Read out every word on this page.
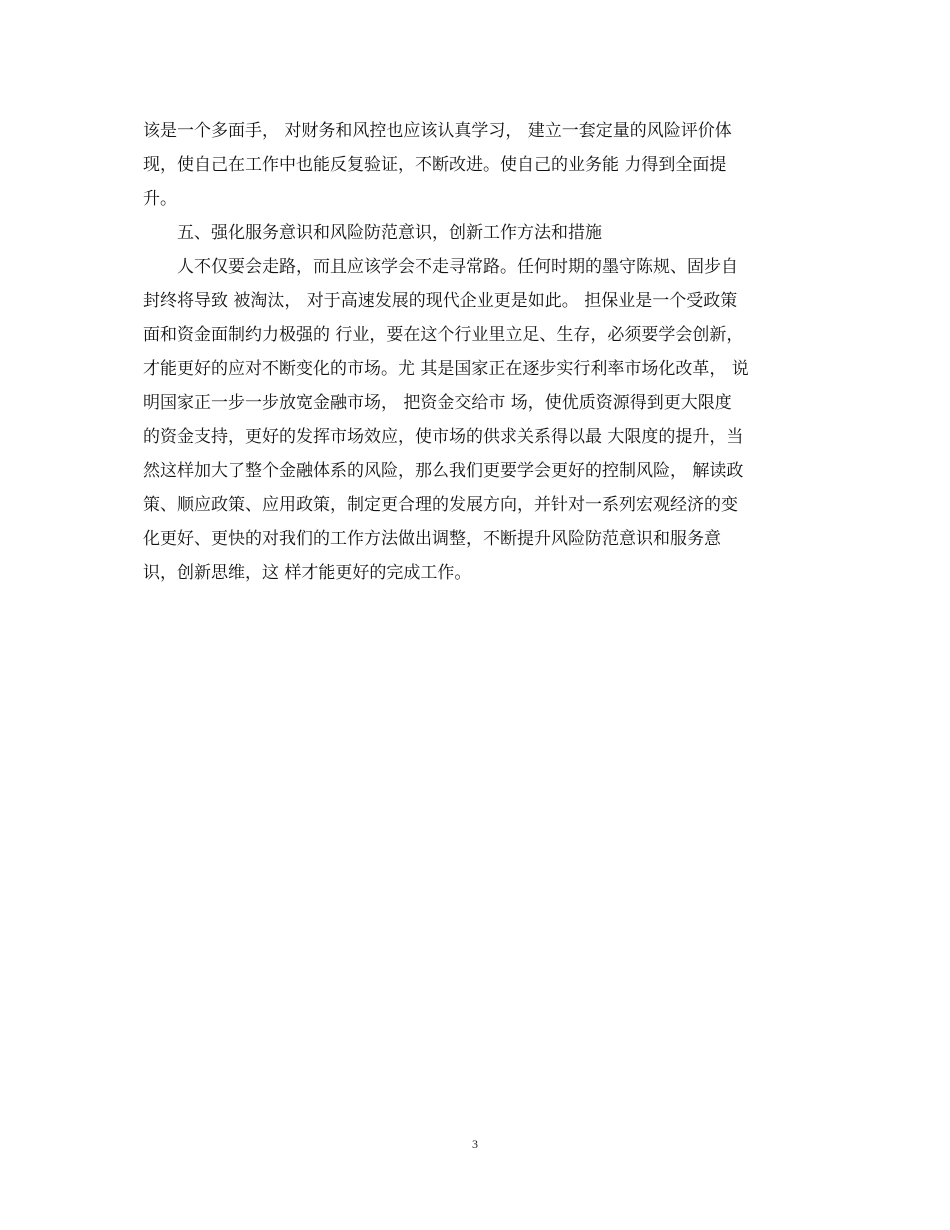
该是一个多面手， 对财务和风控也应该认真学习， 建立一套定量的风险评价体
现，使自己在工作中也能反复验证，不断改进。使自己的业务能 力得到全面提
升。
五、强化服务意识和风险防范意识，创新工作方法和措施
人不仅要会走路，而且应该学会不走寻常路。任何时期的墨守陈规、固步自
封终将导致 被淘汰， 对于高速发展的现代企业更是如此。 担保业是一个受政策
面和资金面制约力极强的 行业，要在这个行业里立足、生存，必须要学会创新，
才能更好的应对不断变化的市场。尤 其是国家正在逐步实行利率市场化改革， 说
明国家正一步一步放宽金融市场， 把资金交给市 场，使优质资源得到更大限度
的资金支持，更好的发挥市场效应，使市场的供求关系得以最 大限度的提升，当
然这样加大了整个金融体系的风险，那么我们更要学会更好的控制风险， 解读政
策、顺应政策、应用政策，制定更合理的发展方向，并针对一系列宏观经济的变
化更好、更快的对我们的工作方法做出调整，不断提升风险防范意识和服务意
识，创新思维，这 样才能更好的完成工作。
3
